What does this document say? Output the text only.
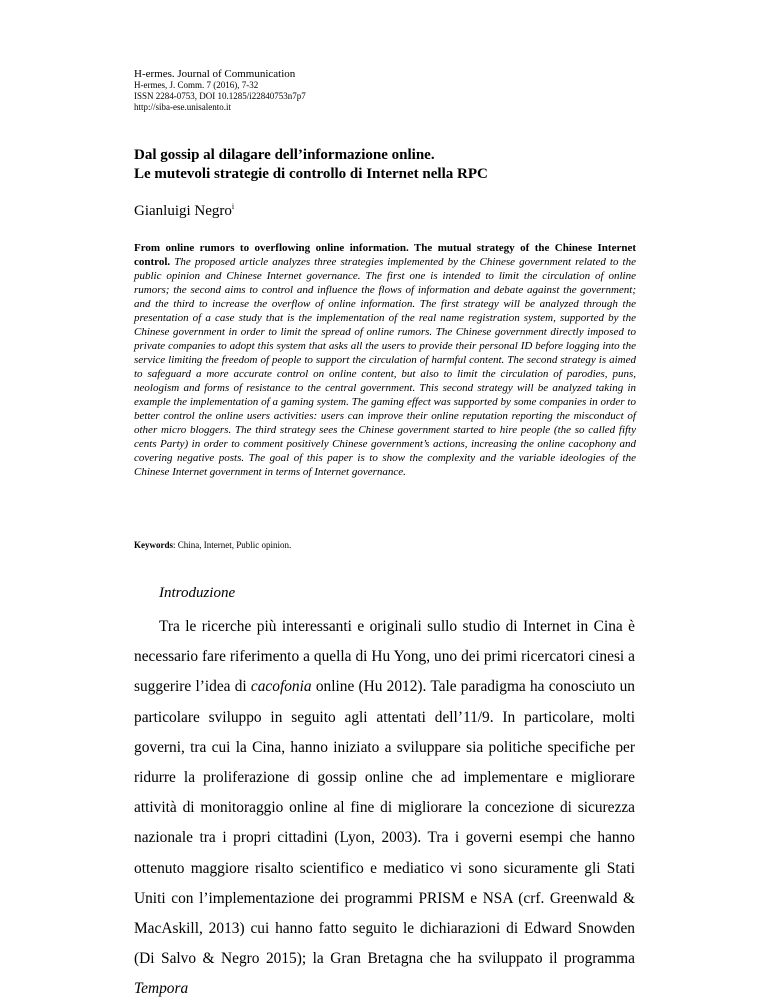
H-ermes. Journal of Communication
H-ermes, J. Comm. 7 (2016), 7-32
ISSN 2284-0753, DOI 10.1285/i22840753n7p7
http://siba-ese.unisalento.it
Dal gossip al dilagare dell’informazione online.
Le mutevoli strategie di controllo di Internet nella RPC
Gianluigi Negro$^i$
From online rumors to overflowing online information. The mutual strategy of the Chinese Internet control. The proposed article analyzes three strategies implemented by the Chinese government related to the public opinion and Chinese Internet governance. The first one is intended to limit the circulation of online rumors; the second aims to control and influence the flows of information and debate against the government; and the third to increase the overflow of online information. The first strategy will be analyzed through the presentation of a case study that is the implementation of the real name registration system, supported by the Chinese government in order to limit the spread of online rumors. The Chinese government directly imposed to private companies to adopt this system that asks all the users to provide their personal ID before logging into the service limiting the freedom of people to support the circulation of harmful content. The second strategy is aimed to safeguard a more accurate control on online content, but also to limit the circulation of parodies, puns, neologism and forms of resistance to the central government. This second strategy will be analyzed taking in example the implementation of a gaming system. The gaming effect was supported by some companies in order to better control the online users activities: users can improve their online reputation reporting the misconduct of other micro bloggers. The third strategy sees the Chinese government started to hire people (the so called fifty cents Party) in order to comment positively Chinese government’s actions, increasing the online cacophony and covering negative posts. The goal of this paper is to show the complexity and the variable ideologies of the Chinese Internet government in terms of Internet governance.
Keywords: China, Internet, Public opinion.
Introduzione

Tra le ricerche più interessanti e originali sullo studio di Internet in Cina è necessario fare riferimento a quella di Hu Yong, uno dei primi ricercatori cinesi a suggerire l’idea di cacofonia online (Hu 2012). Tale paradigma ha conosciuto un particolare sviluppo in seguito agli attentati dell’11/9. In particolare, molti governi, tra cui la Cina, hanno iniziato a sviluppare sia politiche specifiche per ridurre la proliferazione di gossip online che ad implementare e migliorare attività di monitoraggio online al fine di migliorare la concezione di sicurezza nazionale tra i propri cittadini (Lyon, 2003). Tra i governi esempi che hanno ottenuto maggiore risalto scientifico e mediatico vi sono sicuramente gli Stati Uniti con l’implementazione dei programmi PRISM e NSA (crf. Greenwald & MacAskill, 2013) cui hanno fatto seguito le dichiarazioni di Edward Snowden (Di Salvo & Negro 2015); la Gran Bretagna che ha sviluppato il programma Tempora
